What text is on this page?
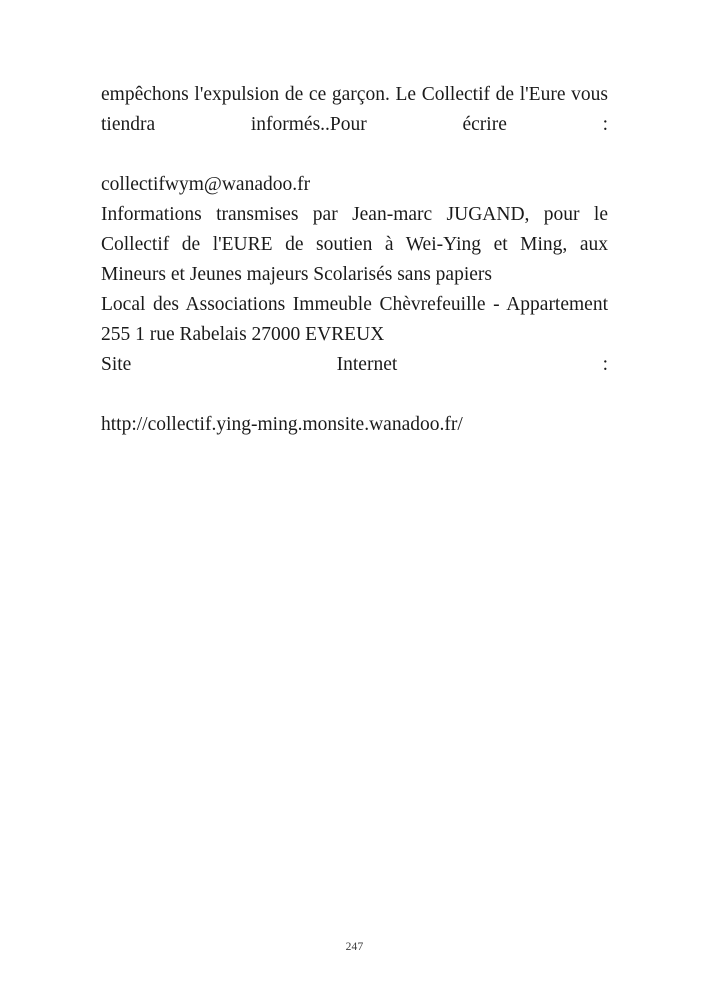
empêchons l'expulsion de ce garçon. Le Collectif de l'Eure vous tiendra informés..Pour écrire :

collectifwym@wanadoo.fr

Informations transmises par Jean-marc JUGAND, pour le Collectif de l'EURE de soutien à Wei-Ying et Ming, aux Mineurs et Jeunes majeurs Scolarisés sans papiers

Local des Associations Immeuble Chèvrefeuille - Appartement 255 1 rue Rabelais 27000 EVREUX

Site	Internet :

http://collectif.ying-ming.monsite.wanadoo.fr/

247
